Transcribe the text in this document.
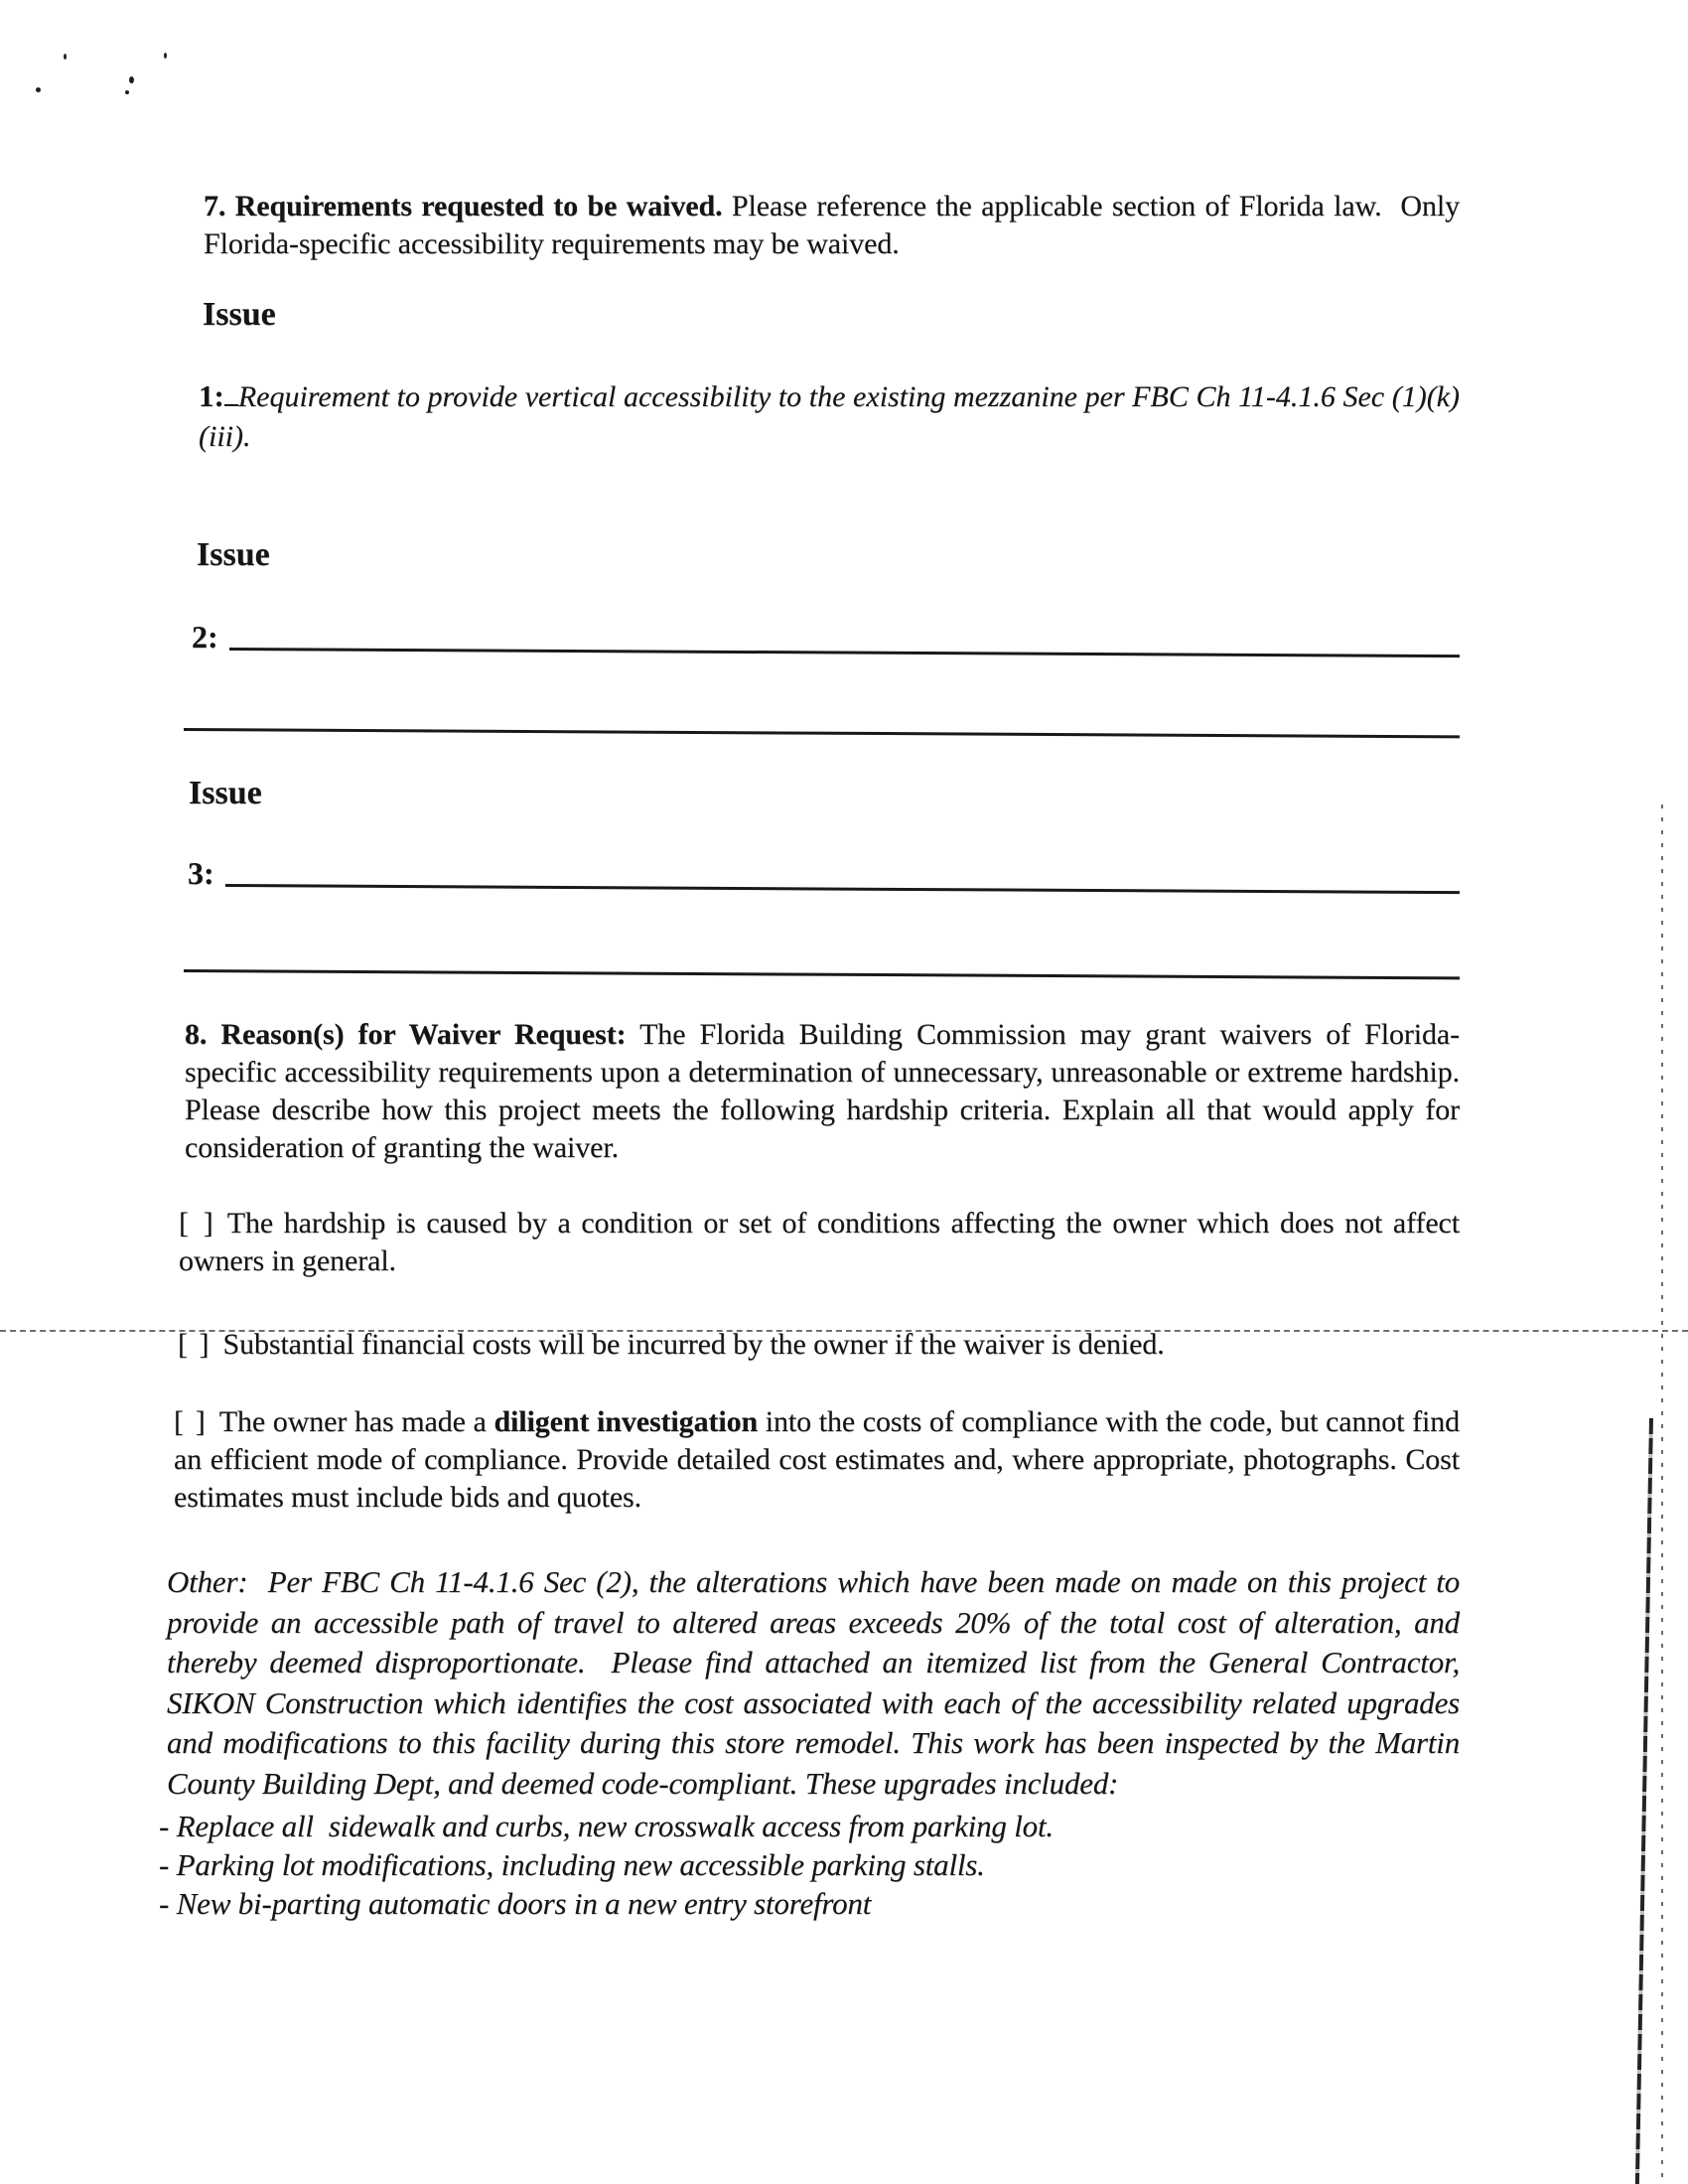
7. Requirements requested to be waived. Please reference the applicable section of Florida law.  Only Florida-specific accessibility requirements may be waived.
Issue
1: Requirement to provide vertical accessibility to the existing mezzanine per FBC Ch 11-4.1.6 Sec (1)(k)(iii).
Issue
2:
Issue
3:
8. Reason(s) for Waiver Request: The Florida Building Commission may grant waivers of Florida-specific accessibility requirements upon a determination of unnecessary, unreasonable or extreme hardship. Please describe how this project meets the following hardship criteria. Explain all that would apply for consideration of granting the waiver.
[ ] The hardship is caused by a condition or set of conditions affecting the owner which does not affect owners in general.
[ ] Substantial financial costs will be incurred by the owner if the waiver is denied.
[ ] The owner has made a diligent investigation into the costs of compliance with the code, but cannot find an efficient mode of compliance. Provide detailed cost estimates and, where appropriate, photographs. Cost estimates must include bids and quotes.
Other:  Per FBC Ch 11-4.1.6 Sec (2), the alterations which have been made on made on this project to provide an accessible path of travel to altered areas exceeds 20% of the total cost of alteration, and thereby deemed disproportionate.  Please find attached an itemized list from the General Contractor, SIKON Construction which identifies the cost associated with each of the accessibility related upgrades and modifications to this facility during this store remodel. This work has been inspected by the Martin County Building Dept, and deemed code-compliant. These upgrades included:
- Replace all  sidewalk and curbs, new crosswalk access from parking lot.
- Parking lot modifications, including new accessible parking stalls.
- New bi-parting automatic doors in a new entry storefront
